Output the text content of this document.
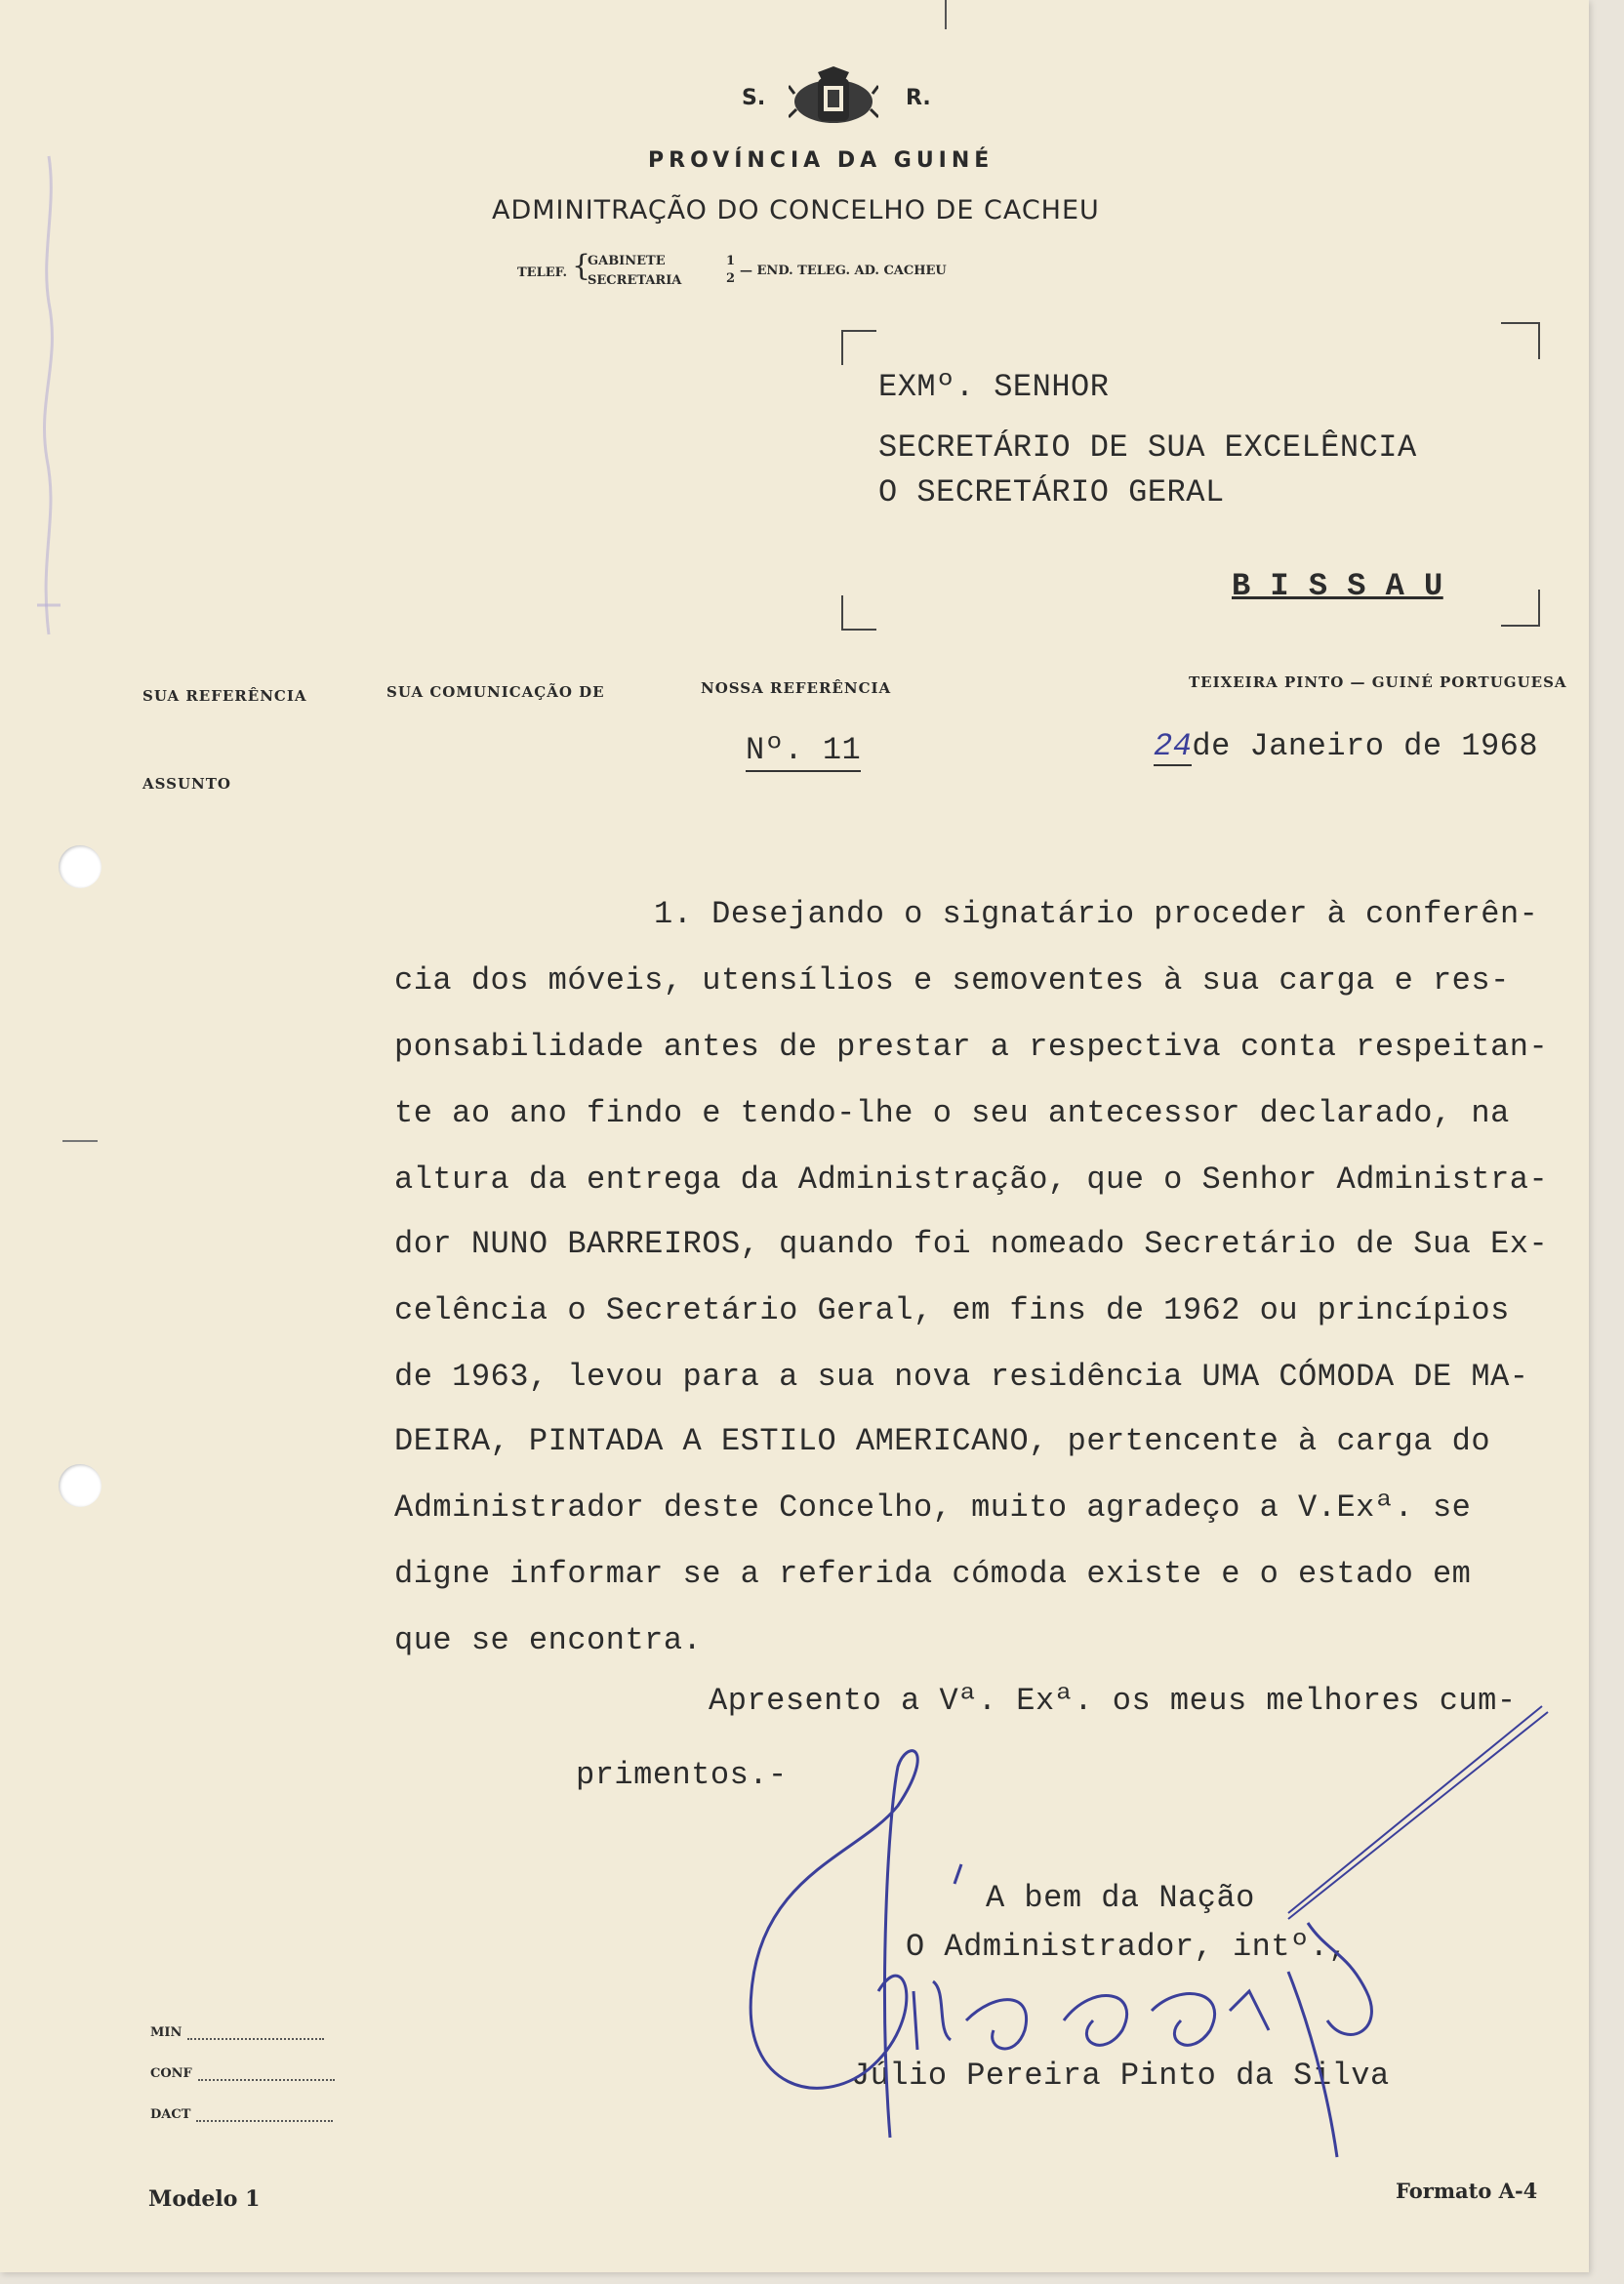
S.	R.
PROVÍNCIA DA GUINÉ
ADMINITRAÇÃO DO CONCELHO DE CACHEU
TELEF. {
GABINETE
SECRETARIA
1
2
— END. TELEG. AD. CACHEU
EXMº. SENHOR
SECRETÁRIO DE SUA EXCELÊNCIA
O SECRETÁRIO GERAL
B I S S A U
SUA REFERÊNCIA	SUA COMUNICAÇÃO DE	NOSSA REFERÊNCIA	TEIXEIRA PINTO — GUINÉ PORTUGUESA
ASSUNTO
Nº. 11	24de Janeiro de 1968
1. Desejando o signatário proceder à conferên-
cia dos móveis, utensílios e semoventes à sua carga e res-
ponsabilidade antes de prestar a respectiva conta respeitan-
te ao ano findo e tendo-lhe o seu antecessor declarado, na
altura da entrega da Administração, que o Senhor Administra-
dor NUNO BARREIROS, quando foi nomeado Secretário de Sua Ex-
celência o Secretário Geral, em fins de 1962 ou princípios
de 1963, levou para a sua nova residência UMA CÓMODA DE MA-
DEIRA, PINTADA A ESTILO AMERICANO, pertencente à carga do
Administrador deste Concelho, muito agradeço a V.Exª. se
digne informar se a referida cómoda existe e o estado em
que se encontra.
Apresento a Vª. Exª. os meus melhores cum-
primentos.-
A bem da Nação
O Administrador, intº.,
Júlio Pereira Pinto da Silva
MIN
CONF
DACT
Modelo 1	Formato A-4
